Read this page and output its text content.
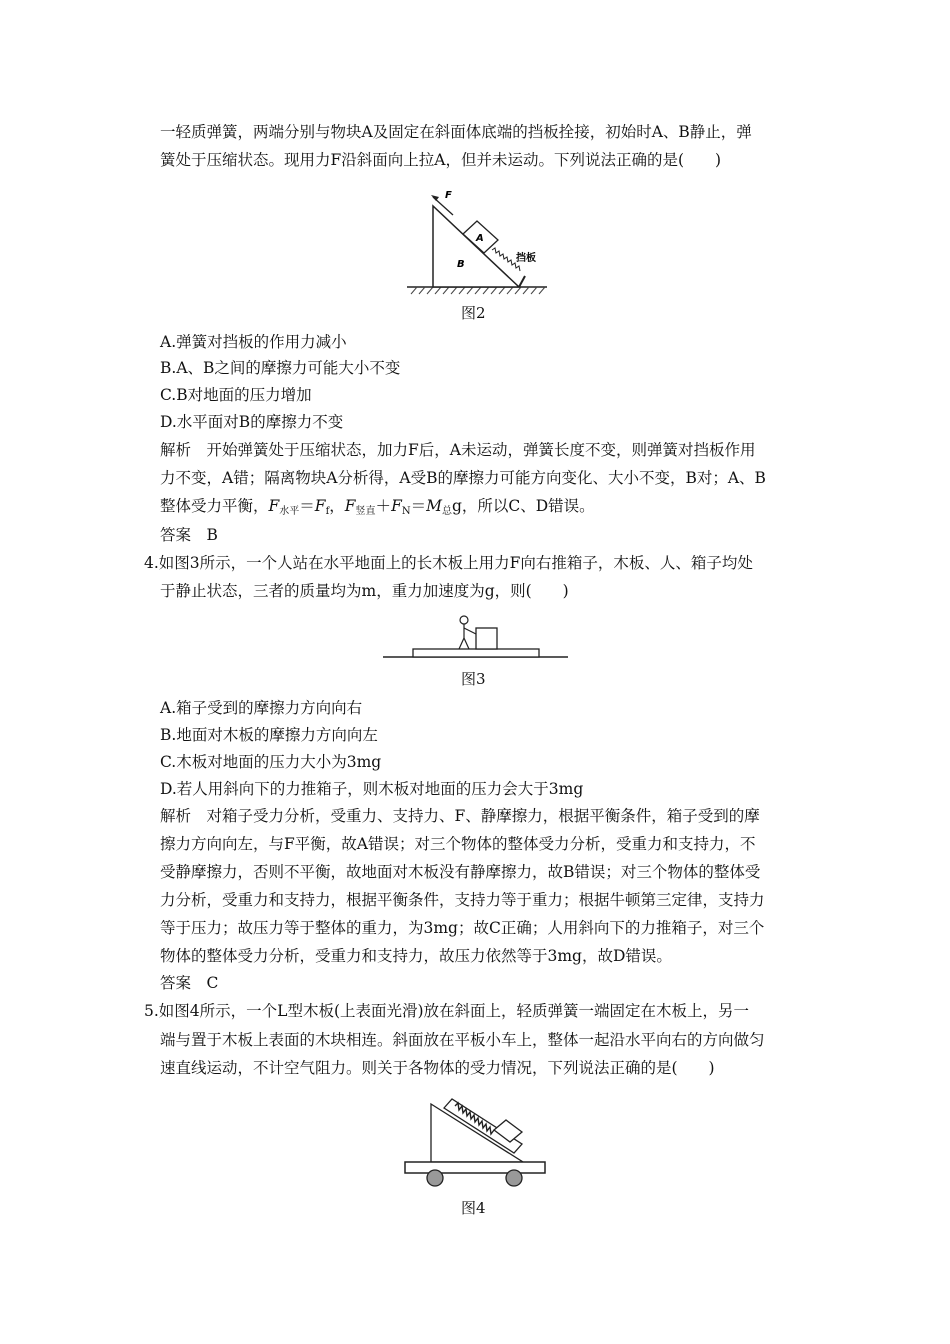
一轻质弹簧，两端分别与物块A及固定在斜面体底端的挡板拴接，初始时A、B静止，弹
簧处于压缩状态。现用力F沿斜面向上拉A，但并未运动。下列说法正确的是(　　)
F
A
B
挡板
图2
A.弹簧对挡板的作用力减小
B.A、B之间的摩擦力可能大小不变
C.B对地面的压力增加
D.水平面对B的摩擦力不变
解析　开始弹簧处于压缩状态，加力F后，A未运动，弹簧长度不变，则弹簧对挡板作用
力不变，A错；隔离物块A分析得，A受B的摩擦力可能方向变化、大小不变，B对；A、B
整体受力平衡，$F_{水平}=F_f$，$F_{竖直}+F_N=M_总g$，所以C、D错误。
答案　B
4.如图3所示，一个人站在水平地面上的长木板上用力F向右推箱子，木板、人、箱子均处
于静止状态，三者的质量均为m，重力加速度为g，则(　　)
图3
A.箱子受到的摩擦力方向向右
B.地面对木板的摩擦力方向向左
C.木板对地面的压力大小为3mg
D.若人用斜向下的力推箱子，则木板对地面的压力会大于3mg
解析　对箱子受力分析，受重力、支持力、F、静摩擦力，根据平衡条件，箱子受到的摩
擦力方向向左，与F平衡，故A错误；对三个物体的整体受力分析，受重力和支持力，不
受静摩擦力，否则不平衡，故地面对木板没有静摩擦力，故B错误；对三个物体的整体受
力分析，受重力和支持力，根据平衡条件，支持力等于重力；根据牛顿第三定律，支持力
等于压力；故压力等于整体的重力，为3mg；故C正确；人用斜向下的力推箱子，对三个
物体的整体受力分析，受重力和支持力，故压力依然等于3mg，故D错误。
答案　C
5.如图4所示，一个L型木板(上表面光滑)放在斜面上，轻质弹簧一端固定在木板上，另一
端与置于木板上表面的木块相连。斜面放在平板小车上，整体一起沿水平向右的方向做匀
速直线运动，不计空气阻力。则关于各物体的受力情况，下列说法正确的是(　　)
图4
